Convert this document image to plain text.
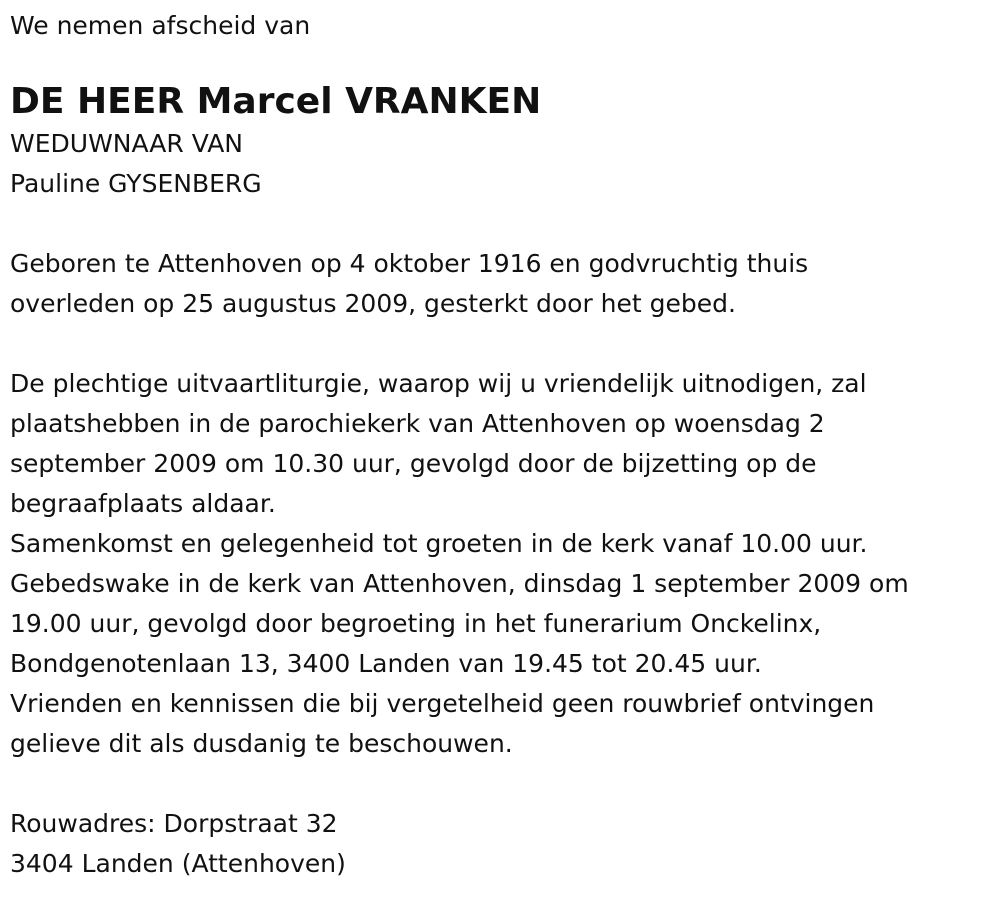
We nemen afscheid van
DE HEER Marcel VRANKEN
WEDUWNAAR VAN
Pauline GYSENBERG
Geboren te Attenhoven op 4 oktober 1916 en godvruchtig thuis
overleden op 25 augustus 2009, gesterkt door het gebed.
De plechtige uitvaartliturgie, waarop wij u vriendelijk uitnodigen, zal
plaatshebben in de parochiekerk van Attenhoven op woensdag 2
september 2009 om 10.30 uur, gevolgd door de bijzetting op de
begraafplaats aldaar.
Samenkomst en gelegenheid tot groeten in de kerk vanaf 10.00 uur.
Gebedswake in de kerk van Attenhoven, dinsdag 1 september 2009 om
19.00 uur, gevolgd door begroeting in het funerarium Onckelinx,
Bondgenotenlaan 13, 3400 Landen van 19.45 tot 20.45 uur.
Vrienden en kennissen die bij vergetelheid geen rouwbrief ontvingen
gelieve dit als dusdanig te beschouwen.
Rouwadres: Dorpstraat 32
3404 Landen (Attenhoven)
